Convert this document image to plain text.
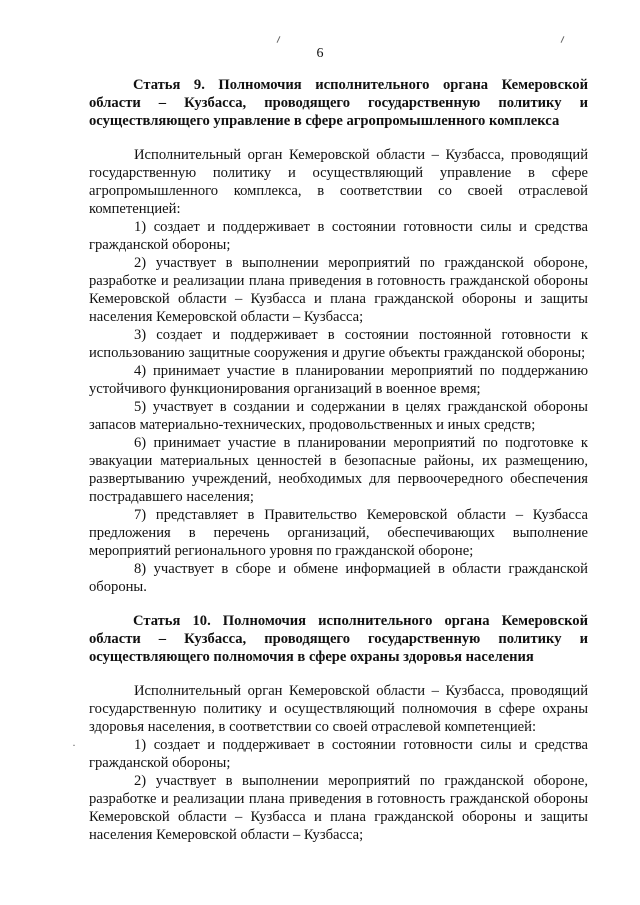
6

Статья 9. Полномочия исполнительного органа Кемеровской области – Кузбасса, проводящего государственную политику и осуществляющего управление в сфере агропромышленного комплекса

Исполнительный орган Кемеровской области – Кузбасса, проводящий государственную политику и осуществляющий управление в сфере агропромышленного комплекса, в соответствии со своей отраслевой компетенцией:

1) создает и поддерживает в состоянии готовности силы и средства гражданской обороны;

2) участвует в выполнении мероприятий по гражданской обороне, разработке и реализации плана приведения в готовность гражданской обороны Кемеровской области – Кузбасса и плана гражданской обороны и защиты населения Кемеровской области – Кузбасса;

3) создает и поддерживает в состоянии постоянной готовности к использованию защитные сооружения и другие объекты гражданской обороны;

4) принимает участие в планировании мероприятий по поддержанию устойчивого функционирования организаций в военное время;

5) участвует в создании и содержании в целях гражданской обороны запасов материально-технических, продовольственных и иных средств;

6) принимает участие в планировании мероприятий по подготовке к эвакуации материальных ценностей в безопасные районы, их размещению, развертыванию учреждений, необходимых для первоочередного обеспечения пострадавшего населения;

7) представляет в Правительство Кемеровской области – Кузбасса предложения в перечень организаций, обеспечивающих выполнение мероприятий регионального уровня по гражданской обороне;

8) участвует в сборе и обмене информацией в области гражданской обороны.

Статья 10. Полномочия исполнительного органа Кемеровской области – Кузбасса, проводящего государственную политику и осуществляющего полномочия в сфере охраны здоровья населения

Исполнительный орган Кемеровской области – Кузбасса, проводящий государственную политику и осуществляющий полномочия в сфере охраны здоровья населения, в соответствии со своей отраслевой компетенцией:

1) создает и поддерживает в состоянии готовности силы и средства гражданской обороны;

2) участвует в выполнении мероприятий по гражданской обороне, разработке и реализации плана приведения в готовность гражданской обороны Кемеровской области – Кузбасса и плана гражданской обороны и защиты населения Кемеровской области – Кузбасса;

·
